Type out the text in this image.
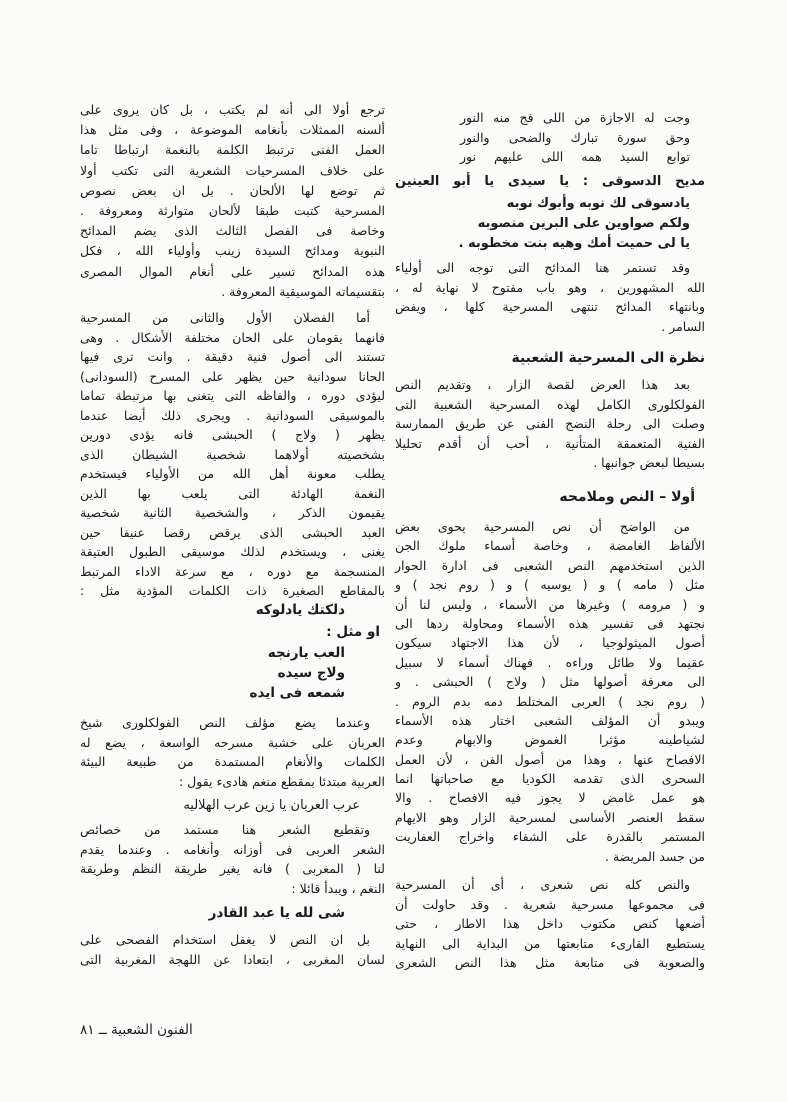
وجت له الاجازة من اللى فج منه النور
وحق سورة تبارك والضحى والنور
توابع السيد همه اللى عليهم نور
مديح الدسوقى : يا سيدى يا أبو العينين
يادسوقى لك نوبه وأبوك نوبه
ولكم صواوين على البرين منصوبه
يا لى حميت أمك وهيه بنت مخطوبه .
وقد تستمر هنا المدائح التى توجه الى أولياء
الله المشهورين ، وهو باب مفتوح لا نهاية له ،
وبانتهاء المدائح تنتهى المسرحية كلها ، ويفض
السامر .
نظرة الى المسرحية الشعبية
بعد هذا العرض لقصة الزار ، وتقديم النص
الفولكلورى الكامل لهذه المسرحية الشعبية التى
وصلت الى رحلة النضج الفنى عن طريق الممارسة
الفنية المتعمقة المتأنية ، أحب أن أقدم تحليلا
بسيطا لبعض جوانبها .
أولا – النص وملامحه
من الواضح أن نص المسرحية يحوى بعض
الألفاظ الغامضة ، وخاصة أسماء ملوك الجن
الذين استخدمهم النص الشعبى فى ادارة الحوار
مثل ( مامه ) و ( يوسيه ) و ( روم نجد ) و
و ( مرومه ) وغيرها من الأسماء ، وليس لنا أن
نجتهد فى تفسير هذه الأسماء ومحاولة ردها الى
أصول الميثولوجيا ، لأن هذا الاجتهاد سيكون
عقيما ولا طائل وراءه . فهناك أسماء لا سبيل
الى معرفة أصولها مثل ( ولاج ) الحبشى . و
( روم نجد ) العربى المختلط دمه بدم الروم .
ويبدو أن المؤلف الشعبى اختار هذه الأسماء
لشياطينه مؤثرا الغموض والابهام وعدم
الافصاح عنها ، وهذا من أصول الفن ، لأن العمل
السحرى الذى تقدمه الكوديا مع صاحباتها انما
هو عمل غامض لا يجوز فيه الافصاح . والا
سقط العنصر الأساسى لمسرحية الزار وهو الايهام
المستمر بالقدرة على الشفاء واخراج العفاريت
من جسد المريضة .
والنص كله نص شعرى ، أى أن المسرحية
فى مجموعها مسرحية شعرية . وقد حاولت أن
أضعها كنص مكتوب داخل هذا الاطار ، حتى
يستطيع القارىء متابعتها من البداية الى النهاية
والصعوبة فى متابعة مثل هذا النص الشعرى
ترجع أولا الى أنه لم يكتب ، بل كان يروى على
ألسنه الممثلات بأنغامه الموضوعة ، وفى مثل هذا
العمل الفنى ترتبط الكلمة بالنغمة ارتباطا تاما
على خلاف المسرحيات الشعرية التى تكتب أولا
ثم توضع لها الألحان . بل ان بعض نصوص
المسرحية كتبت طبقا لألحان متوارثة ومعروفة .
وخاصة فى الفصل الثالث الذى يضم المدائح
النبوية ومدائح السيدة زينب وأولياء الله ، فكل
هذه المدائح تسير على أنغام الموال المصرى
بتقسيماته الموسيقية المعروفة .
أما الفصلان الأول والثانى من المسرحية
فانهما يقومان على الحان مختلفة الأشكال . وهى
تستند الى أصول فنية دقيقة . وانت ترى فيها
الحانا سودانية حين يظهر على المسرح (السودانى)
ليؤدى دوره ، والفاظه التى يتغنى بها مرتبطة تماما
بالموسيقى السودانية . ويجرى ذلك أيضا عندما
يظهر ( ولاج ) الحبشى فانه يؤدى دورين
بشخصيته أولاهما شخصية الشيطان الذى
يطلب معونة أهل الله من الأولياء فيستخدم
النغمة الهادئة التى يلعب بها الذين
يقيمون الذكر ، والشخصية الثانية شخصية
العبد الحبشى الذى يرقص رقصا عنيفا حين
يغنى ، ويستخدم لذلك موسيقى الطبول العتيقة
المنسجمة مع دوره ، مع سرعة الاداء المرتبط
بالمقاطع الصغيرة ذات الكلمات المؤدية مثل :
دلكتك يادلوكه
او مثل :
العب يارنجه
ولاج سيده
شمعه فى ايده
وعندما يضع مؤلف النص الفولكلورى شيخ
العربان على خشبة مسرحه الواسعة ، يضع له
الكلمات والأنغام المستمدة من طبيعة البيئة
العربية مبتدئا بمقطع منغم هادىء يقول :
عرب العربان يا زين عرب الهلاليه
وتقطيع الشعر هنا مستمد من خصائص
الشعر العربى فى أوزانه وأنغامه . وعندما يقدم
لنا ( المغربى ) فانه يغير طريقة النظم وطريقة
النغم ، ويبدأ قائلا :
شى لله يا عبد القادر
بل ان النص لا يغفل استخدام الفصحى على
لسان المغربى ، ابتعادا عن اللهجة المغربية التى
الفنون الشعبية ــ ٨١
